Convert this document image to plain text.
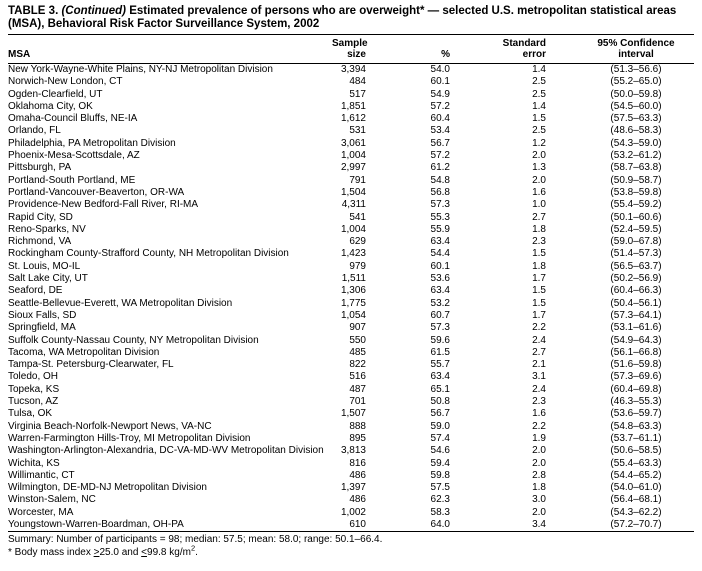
TABLE 3. (Continued) Estimated prevalence of persons who are overweight* — selected U.S. metropolitan statistical areas (MSA), Behavioral Risk Factor Surveillance System, 2002
	Sample		Standard	95% Confidence
MSA	size	%	error	interval
New York-Wayne-White Plains, NY-NJ Metropolitan Division	3,394	54.0	1.4	(51.3–56.6)
Norwich-New London, CT	484	60.1	2.5	(55.2–65.0)
Ogden-Clearfield, UT	517	54.9	2.5	(50.0–59.8)
Oklahoma City, OK	1,851	57.2	1.4	(54.5–60.0)
Omaha-Council Bluffs, NE-IA	1,612	60.4	1.5	(57.5–63.3)
Orlando, FL	531	53.4	2.5	(48.6–58.3)
Philadelphia, PA Metropolitan Division	3,061	56.7	1.2	(54.3–59.0)
Phoenix-Mesa-Scottsdale, AZ	1,004	57.2	2.0	(53.2–61.2)
Pittsburgh, PA	2,997	61.2	1.3	(58.7–63.8)
Portland-South Portland, ME	791	54.8	2.0	(50.9–58.7)
Portland-Vancouver-Beaverton, OR-WA	1,504	56.8	1.6	(53.8–59.8)
Providence-New Bedford-Fall River, RI-MA	4,311	57.3	1.0	(55.4–59.2)
Rapid City, SD	541	55.3	2.7	(50.1–60.6)
Reno-Sparks, NV	1,004	55.9	1.8	(52.4–59.5)
Richmond, VA	629	63.4	2.3	(59.0–67.8)
Rockingham County-Strafford County, NH Metropolitan Division	1,423	54.4	1.5	(51.4–57.3)
St. Louis, MO-IL	979	60.1	1.8	(56.5–63.7)
Salt Lake City, UT	1,511	53.6	1.7	(50.2–56.9)
Seaford, DE	1,306	63.4	1.5	(60.4–66.3)
Seattle-Bellevue-Everett, WA Metropolitan Division	1,775	53.2	1.5	(50.4–56.1)
Sioux Falls, SD	1,054	60.7	1.7	(57.3–64.1)
Springfield, MA	907	57.3	2.2	(53.1–61.6)
Suffolk County-Nassau County, NY Metropolitan Division	550	59.6	2.4	(54.9–64.3)
Tacoma, WA Metropolitan Division	485	61.5	2.7	(56.1–66.8)
Tampa-St. Petersburg-Clearwater, FL	822	55.7	2.1	(51.6–59.8)
Toledo, OH	516	63.4	3.1	(57.3–69.6)
Topeka, KS	487	65.1	2.4	(60.4–69.8)
Tucson, AZ	701	50.8	2.3	(46.3–55.3)
Tulsa, OK	1,507	56.7	1.6	(53.6–59.7)
Virginia Beach-Norfolk-Newport News, VA-NC	888	59.0	2.2	(54.8–63.3)
Warren-Farmington Hills-Troy, MI Metropolitan Division	895	57.4	1.9	(53.7–61.1)
Washington-Arlington-Alexandria, DC-VA-MD-WV Metropolitan Division	3,813	54.6	2.0	(50.6–58.5)
Wichita, KS	816	59.4	2.0	(55.4–63.3)
Willimantic, CT	486	59.8	2.8	(54.4–65.2)
Wilmington, DE-MD-NJ Metropolitan Division	1,397	57.5	1.8	(54.0–61.0)
Winston-Salem, NC	486	62.3	3.0	(56.4–68.1)
Worcester, MA	1,002	58.3	2.0	(54.3–62.2)
Youngstown-Warren-Boardman, OH-PA	610	64.0	3.4	(57.2–70.7)
Summary: Number of participants = 98; median: 57.5; mean: 58.0; range: 50.1–66.4.
* Body mass index ≥25.0 and ≤99.8 $kg/m^2$.
